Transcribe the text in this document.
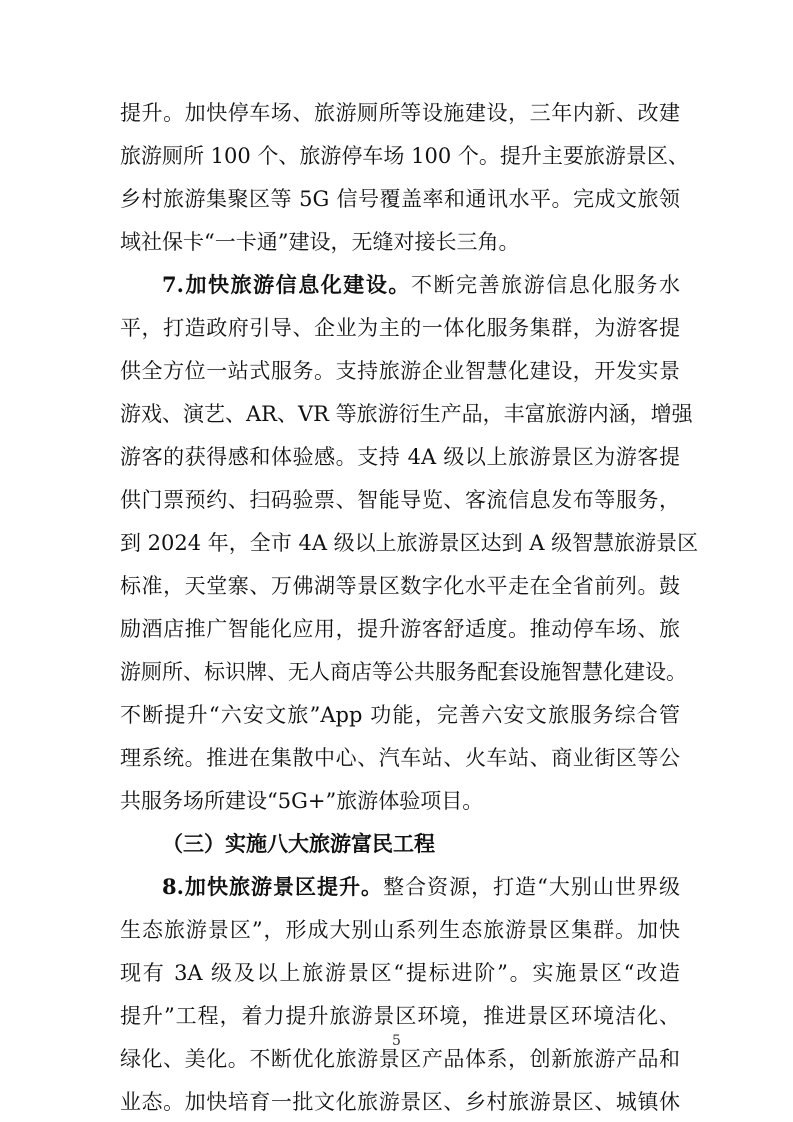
提升。加快停车场、旅游厕所等设施建设，三年内新、改建
旅游厕所 100 个、旅游停车场 100 个。提升主要旅游景区、
乡村旅游集聚区等 5G 信号覆盖率和通讯水平。完成文旅领
域社保卡“一卡通”建设，无缝对接长三角。
7.加快旅游信息化建设。不断完善旅游信息化服务水
平，打造政府引导、企业为主的一体化服务集群，为游客提
供全方位一站式服务。支持旅游企业智慧化建设，开发实景
游戏、演艺、AR、VR 等旅游衍生产品，丰富旅游内涵，增强
游客的获得感和体验感。支持 4A 级以上旅游景区为游客提
供门票预约、扫码验票、智能导览、客流信息发布等服务，
到 2024 年，全市 4A 级以上旅游景区达到 A 级智慧旅游景区
标准，天堂寨、万佛湖等景区数字化水平走在全省前列。鼓
励酒店推广智能化应用，提升游客舒适度。推动停车场、旅
游厕所、标识牌、无人商店等公共服务配套设施智慧化建设。
不断提升“六安文旅”App 功能，完善六安文旅服务综合管
理系统。推进在集散中心、汽车站、火车站、商业街区等公
共服务场所建设“5G+”旅游体验项目。
（三）实施八大旅游富民工程
8.加快旅游景区提升。整合资源，打造“大别山世界级
生态旅游景区”，形成大别山系列生态旅游景区集群。加快
现有 3A 级及以上旅游景区“提标进阶”。实施景区“改造
提升”工程，着力提升旅游景区环境，推进景区环境洁化、
绿化、美化。不断优化旅游景区产品体系，创新旅游产品和
业态。加快培育一批文化旅游景区、乡村旅游景区、城镇休
5
